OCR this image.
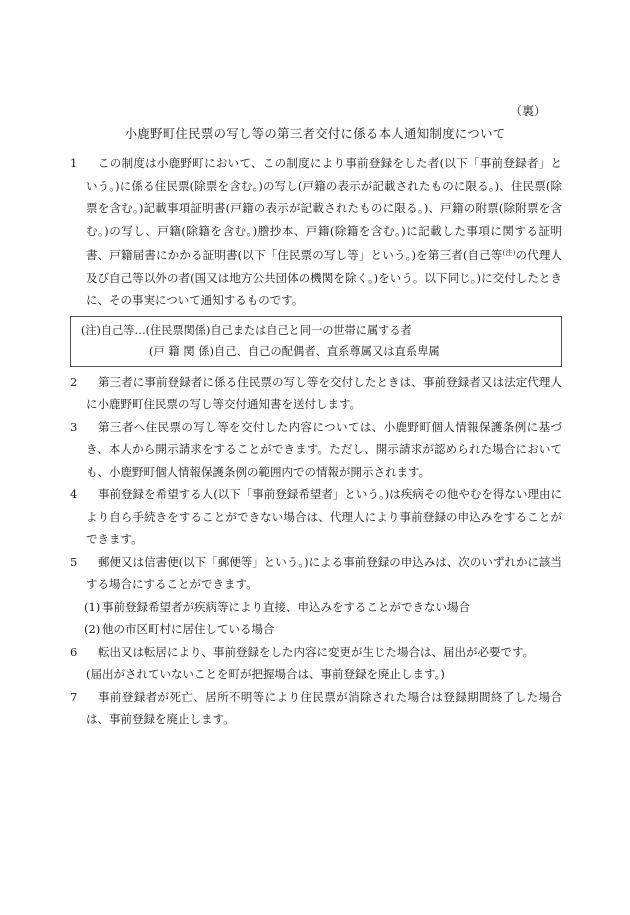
（裏）
小鹿野町住民票の写し等の第三者交付に係る本人通知制度について
1	この制度は小鹿野町において、この制度により事前登録をした者(以下「事前登録者」という。)に係る住民票(除票を含む。)の写し(戸籍の表示が記載されたものに限る。)、住民票(除票を含む。)記載事項証明書(戸籍の表示が記載されたものに限る。)、戸籍の附票(除附票を含む。)の写し、戸籍(除籍を含む。)謄抄本、戸籍(除籍を含む。)に記載した事項に関する証明書、戸籍届書にかかる証明書(以下「住民票の写し等」という。)を第三者(自己等$^{(注)}$の代理人及び自己等以外の者(国又は地方公共団体の機関を除く。)をいう。以下同じ。)に交付したときに、その事実について通知するものです。

(注)自己等…(住民票関係)自己または自己と同一の世帯に属する者
(戸 籍 関 係)自己、自己の配偶者、直系尊属又は直系卑属
2	第三者に事前登録者に係る住民票の写し等を交付したときは、事前登録者又は法定代理人に小鹿野町住民票の写し等交付通知書を送付します。

3	第三者へ住民票の写し等を交付した内容については、小鹿野町個人情報保護条例に基づき、本人から開示請求をすることができます。ただし、開示請求が認められた場合においても、小鹿野町個人情報保護条例の範囲内での情報が開示されます。

4	事前登録を希望する人(以下「事前登録希望者」という。)は疾病その他やむを得ない理由により自ら手続きをすることができない場合は、代理人により事前登録の申込みをすることができます。

5	郵便又は信書便(以下「郵便等」という。)による事前登録の申込みは、次のいずれかに該当する場合にすることができます。

(1) 事前登録希望者が疾病等により直接、申込みをすることができない場合
(2) 他の市区町村に居住している場合
6	転出又は転居により、事前登録をした内容に変更が生じた場合は、届出が必要です。

(届出がされていないことを町が把握場合は、事前登録を廃止します。)

7	事前登録者が死亡、居所不明等により住民票が消除された場合は登録期間終了した場合は、事前登録を廃止します。
